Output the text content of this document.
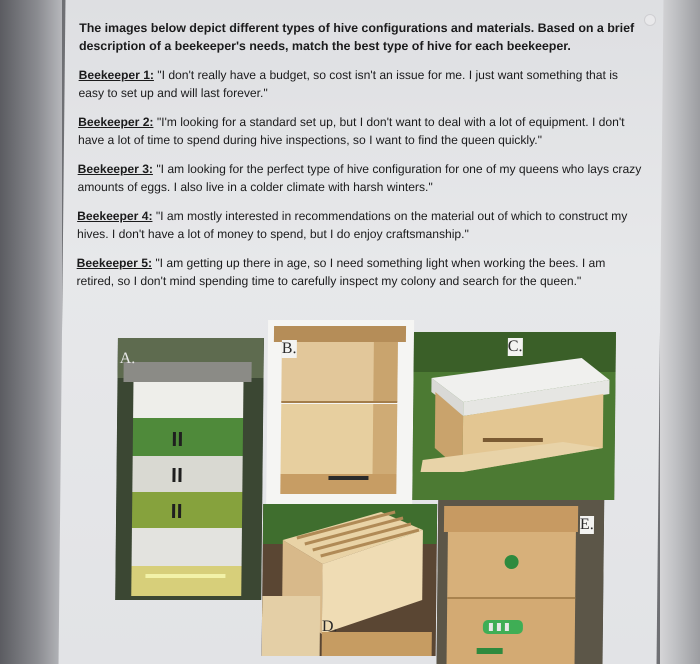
The images below depict different types of hive configurations and materials. Based on a brief description of a beekeeper's needs, match the best type of hive for each beekeeper.

Beekeeper 1: "I don't really have a budget, so cost isn't an issue for me. I just want something that is easy to set up and will last forever."

Beekeeper 2: "I'm looking for a standard set up, but I don't want to deal with a lot of equipment. I don't have a lot of time to spend during hive inspections, so I want to find the queen quickly."

Beekeeper 3: "I am looking for the perfect type of hive configuration for one of my queens who lays crazy amounts of eggs. I also live in a colder climate with harsh winters."

Beekeeper 4: "I am mostly interested in recommendations on the material out of which to construct my hives. I don't have a lot of money to spend, but I do enjoy craftsmanship."

Beekeeper 5: "I am getting up there in age, so I need something light when working the bees. I am retired, so I don't mind spending time to carefully inspect my colony and search for the queen."

A.
B.	C.
D.
E.
